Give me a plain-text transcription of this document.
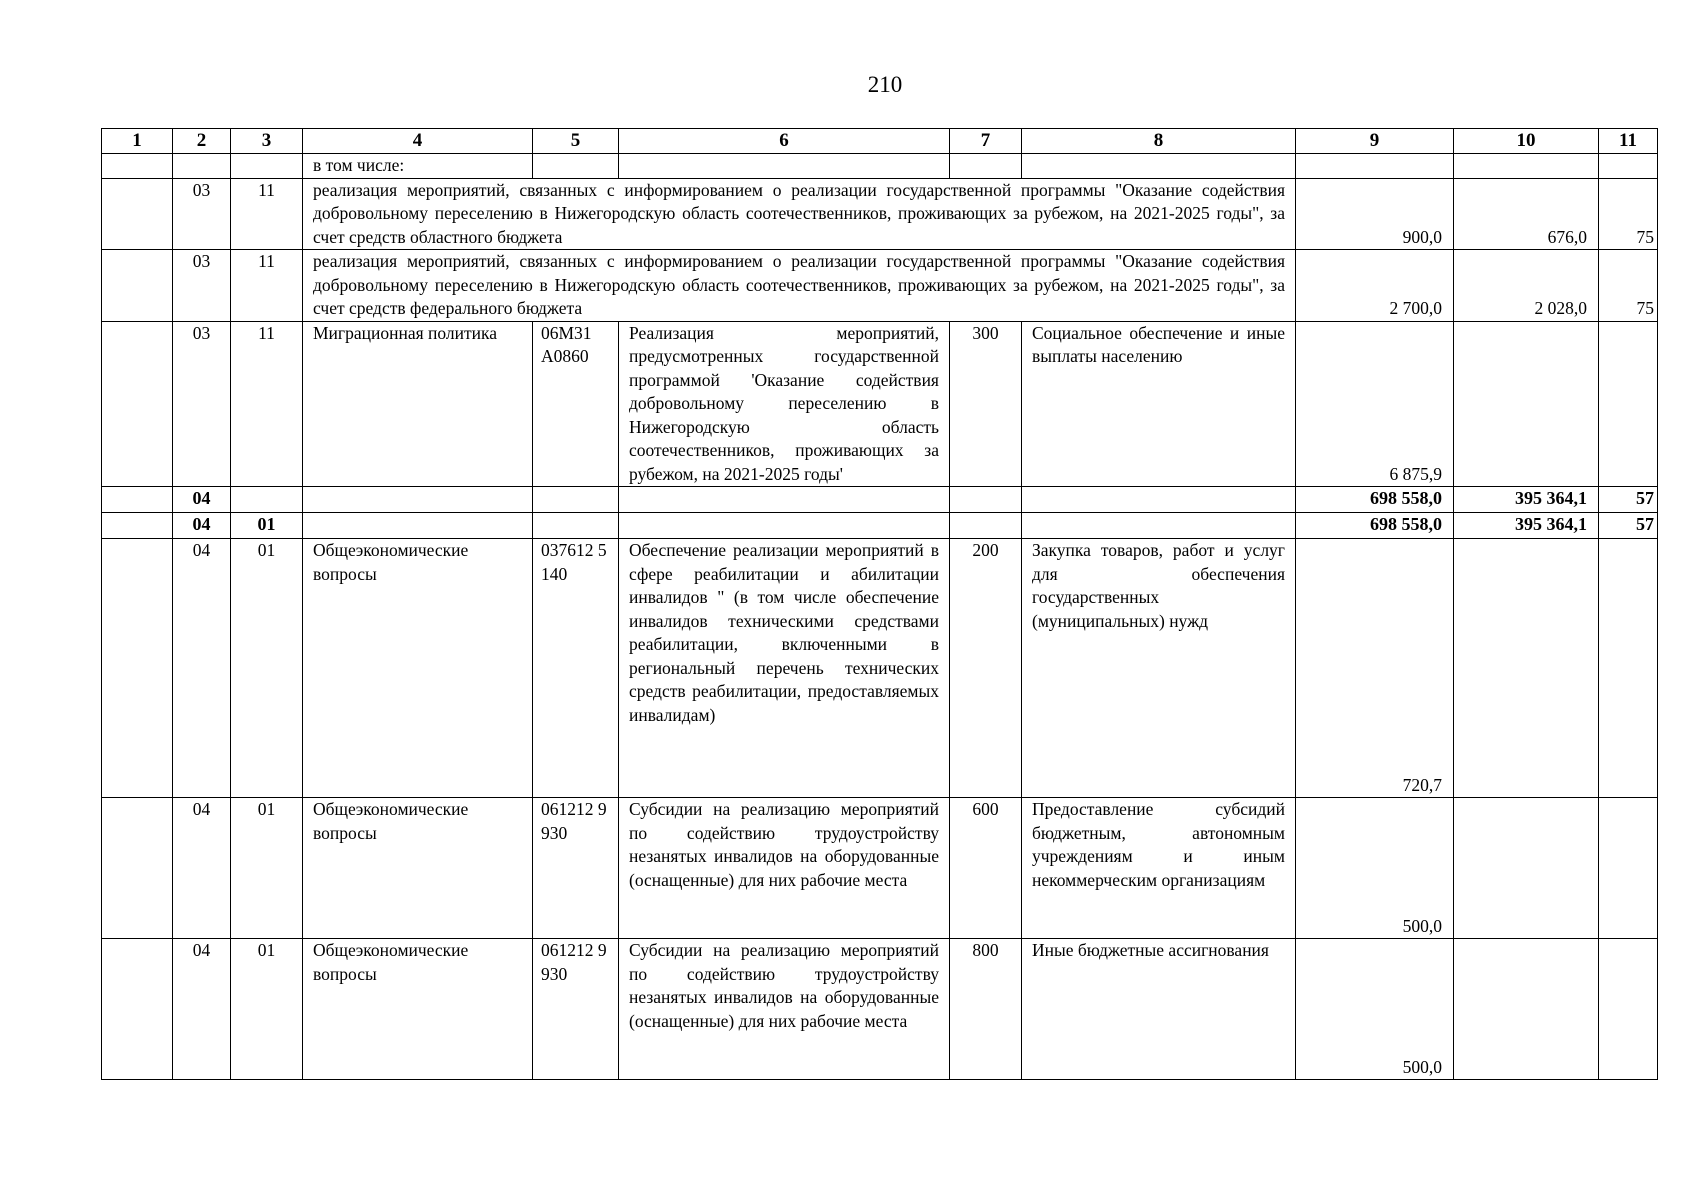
210
1	2	3	4	5	6	7	8	9	10	11
			в том числе:							
	03	11	реализация мероприятий, связанных с информированием о реализации государственной программы "Оказание содействия добровольному переселению в Нижегородскую область соотечественников, проживающих за рубежом, на 2021-2025 годы", за счет средств областного бюджета					900,0	676,0	75
	03	11	реализация мероприятий, связанных с информированием о реализации государственной программы "Оказание содействия добровольному переселению в Нижегородскую область соотечественников, проживающих за рубежом, на 2021-2025 годы", за счет средств федерального бюджета					2 700,0	2 028,0	75
	03	11	Миграционная политика	06М31 А0860	Реализация мероприятий, предусмотренных государственной программой 'Оказание содействия добровольному переселению в Нижегородскую область соотечественников, проживающих за рубежом, на 2021-2025 годы'	300	Социальное обеспечение и иные выплаты населению	6 875,9		
	04							698 558,0	395 364,1	57
	04	01						698 558,0	395 364,1	57
	04	01	Общеэкономические вопросы	037612 5140	Обеспечение реализации мероприятий в сфере реабилитации и абилитации инвалидов " (в том числе обеспечение инвалидов техническими средствами реабилитации, включенными в региональный перечень технических средств реабилитации, предоставляемых инвалидам)	200	Закупка товаров, работ и услуг для обеспечения государственных (муниципальных) нужд	720,7		
	04	01	Общеэкономические вопросы	061212 9930	Субсидии на реализацию мероприятий по содействию трудоустройству незанятых инвалидов на оборудованные (оснащенные) для них рабочие места	600	Предоставление субсидий бюджетным, автономным учреждениям и иным некоммерческим организациям	500,0		
	04	01	Общеэкономические вопросы	061212 9930	Субсидии на реализацию мероприятий по содействию трудоустройству незанятых инвалидов на оборудованные (оснащенные) для них рабочие места	800	Иные бюджетные ассигнования	500,0		
